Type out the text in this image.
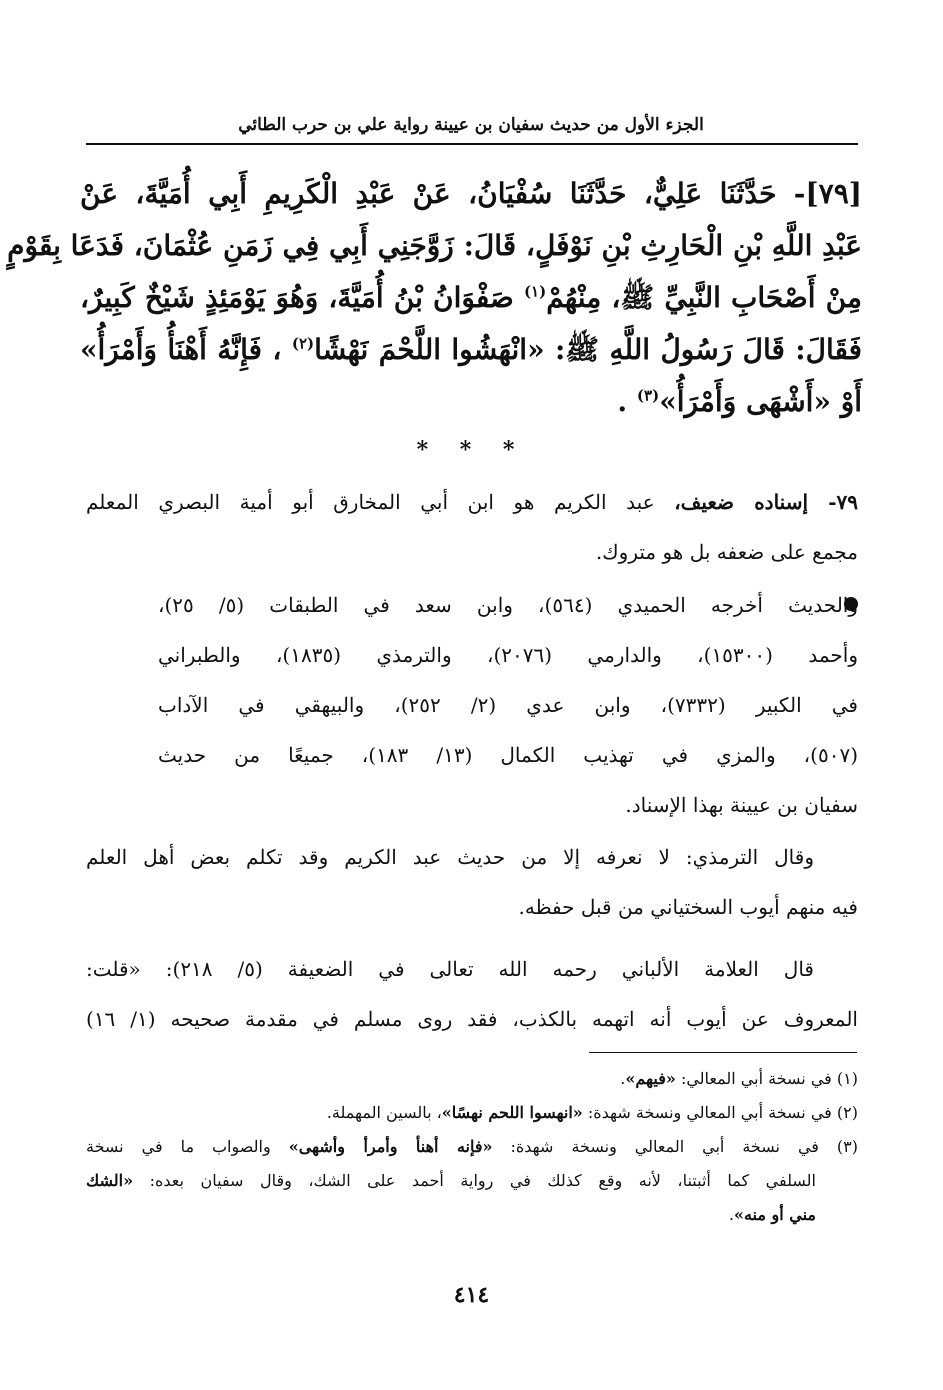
الجزء الأول من حديث سفيان بن عيينة رواية علي بن حرب الطائي
[٧٩]- حَدَّثَنَا عَلِيٌّ، حَدَّثَنَا سُفْيَانُ، عَنْ عَبْدِ الْكَرِيمِ أَبِي أُمَيَّةَ، عَنْ
عَبْدِ اللَّهِ بْنِ الْحَارِثِ بْنِ نَوْفَلٍ، قَالَ: زَوَّجَنِي أَبِي فِي زَمَنِ عُثْمَانَ، فَدَعَا بِقَوْمٍ
مِنْ أَصْحَابِ النَّبِيِّ ﷺ، مِنْهُمْ$^{(١)}$ صَفْوَانُ بْنُ أُمَيَّةَ، وَهُوَ يَوْمَئِذٍ شَيْخٌ كَبِيرٌ،
فَقَالَ: قَالَ رَسُولُ اللَّهِ ﷺ: «انْهَشُوا اللَّحْمَ نَهْشًا$^{(٢)}$ ، فَإِنَّهُ أَهْنَأُ وَأَمْرَأُ»
أَوْ «أَشْهَى وَأَمْرَأُ»$^{(٣)}$ .
* * *
٧٩- إسناده ضعيف، عبد الكريم هو ابن أبي المخارق أبو أمية البصري المعلم
مجمع على ضعفه بل هو متروك.
والحديث أخرجه الحميدي (٥٦٤)، وابن سعد في الطبقات (٥/ ٢٥)،
وأحمد (١٥٣٠٠)، والدارمي (٢٠٧٦)، والترمذي (١٨٣٥)، والطبراني
في الكبير (٧٣٣٢)، وابن عدي (٢/ ٢٥٢)، والبيهقي في الآداب
(٥٠٧)، والمزي في تهذيب الكمال (١٣/ ١٨٣)، جميعًا من حديث
سفيان بن عيينة بهذا الإسناد.
وقال الترمذي: لا نعرفه إلا من حديث عبد الكريم وقد تكلم بعض أهل العلم
فيه منهم أيوب السختياني من قبل حفظه.
قال العلامة الألباني رحمه الله تعالى في الضعيفة (٥/ ٢١٨): «قلت:
المعروف عن أيوب أنه اتهمه بالكذب، فقد روى مسلم في مقدمة صحيحه (١/ ١٦)
(١) في نسخة أبي المعالي: «فيهم».
(٢) في نسخة أبي المعالي ونسخة شهدة: «انهسوا اللحم نهسًا»، بالسين المهملة.
(٣) في نسخة أبي المعالي ونسخة شهدة: «فإنه أهنأ وأمرأ وأشهى» والصواب ما في نسخة
السلفي كما أثبتنا، لأنه وقع كذلك في رواية أحمد على الشك، وقال سفيان بعده: «الشك
مني أو منه».
٤١٤
